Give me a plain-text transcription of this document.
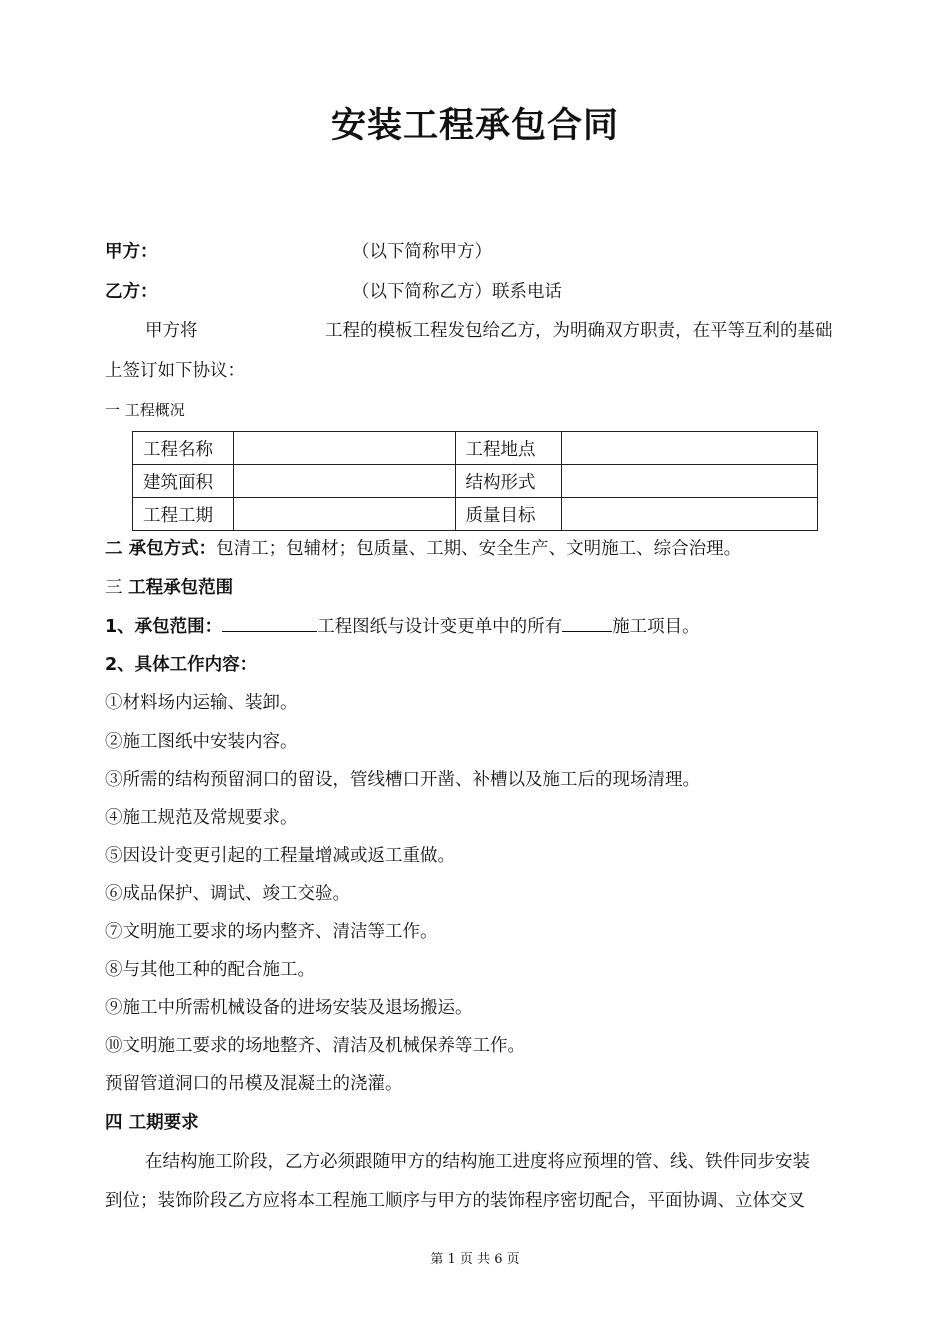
安装工程承包合同
甲方：	（以下简称甲方）
乙方：	（以下简称乙方）联系电话
甲方将	工程的模板工程发包给乙方，为明确双方职责，在平等互利的基础
上签订如下协议：
一 工程概况
工程名称		工程地点	
建筑面积		结构形式	
工程工期		质量目标	
二 承包方式：包清工；包辅材；包质量、工期、安全生产、文明施工、综合治理。
三 工程承包范围
1、承包范围：	工程图纸与设计变更单中的所有	施工项目。
2、具体工作内容：
①材料场内运输、装卸。
②施工图纸中安装内容。
③所需的结构预留洞口的留设，管线槽口开凿、补槽以及施工后的现场清理。
④施工规范及常规要求。
⑤因设计变更引起的工程量增减或返工重做。
⑥成品保护、调试、竣工交验。
⑦文明施工要求的场内整齐、清洁等工作。
⑧与其他工种的配合施工。
⑨施工中所需机械设备的进场安装及退场搬运。
⑩文明施工要求的场地整齐、清洁及机械保养等工作。
预留管道洞口的吊模及混凝土的浇灌。
四 工期要求
在结构施工阶段，乙方必须跟随甲方的结构施工进度将应预埋的管、线、铁件同步安装
到位；装饰阶段乙方应将本工程施工顺序与甲方的装饰程序密切配合，平面协调、立体交叉
第 1 页 共 6 页
